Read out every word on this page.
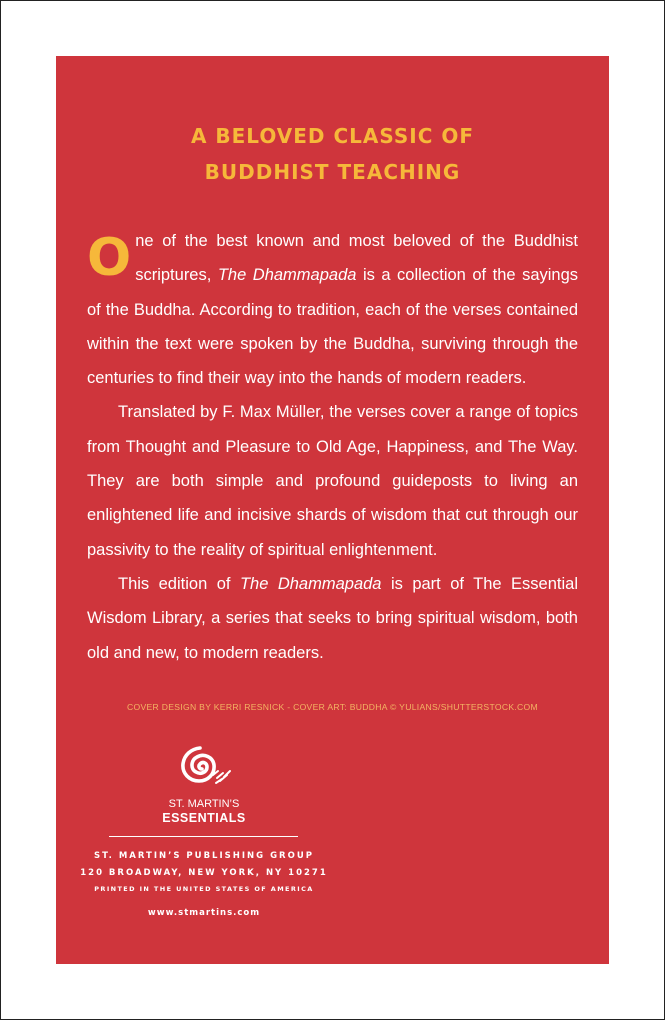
A BELOVED CLASSIC OF
BUDDHIST TEACHING

One of the best known and most beloved of the Buddhist scriptures, The Dhammapada is a collection of the sayings of the Buddha. According to tradition, each of the verses contained within the text were spoken by the Buddha, surviving through the centuries to find their way into the hands of modern readers.

Translated by F. Max Müller, the verses cover a range of topics from Thought and Pleasure to Old Age, Happiness, and The Way. They are both simple and profound guideposts to living an enlightened life and incisive shards of wisdom that cut through our passivity to the reality of spiritual enlightenment.

This edition of The Dhammapada is part of The Essential Wisdom Library, a series that seeks to bring spiritual wisdom, both old and new, to modern readers.

COVER DESIGN BY KERRI RESNICK - COVER ART: BUDDHA © YULIANS/SHUTTERSTOCK.COM
ST. MARTIN’S
ESSENTIALS
ST. MARTIN’S PUBLISHING GROUP
120 BROADWAY, NEW YORK, NY 10271
PRINTED IN THE UNITED STATES OF AMERICA
www.stmartins.com
